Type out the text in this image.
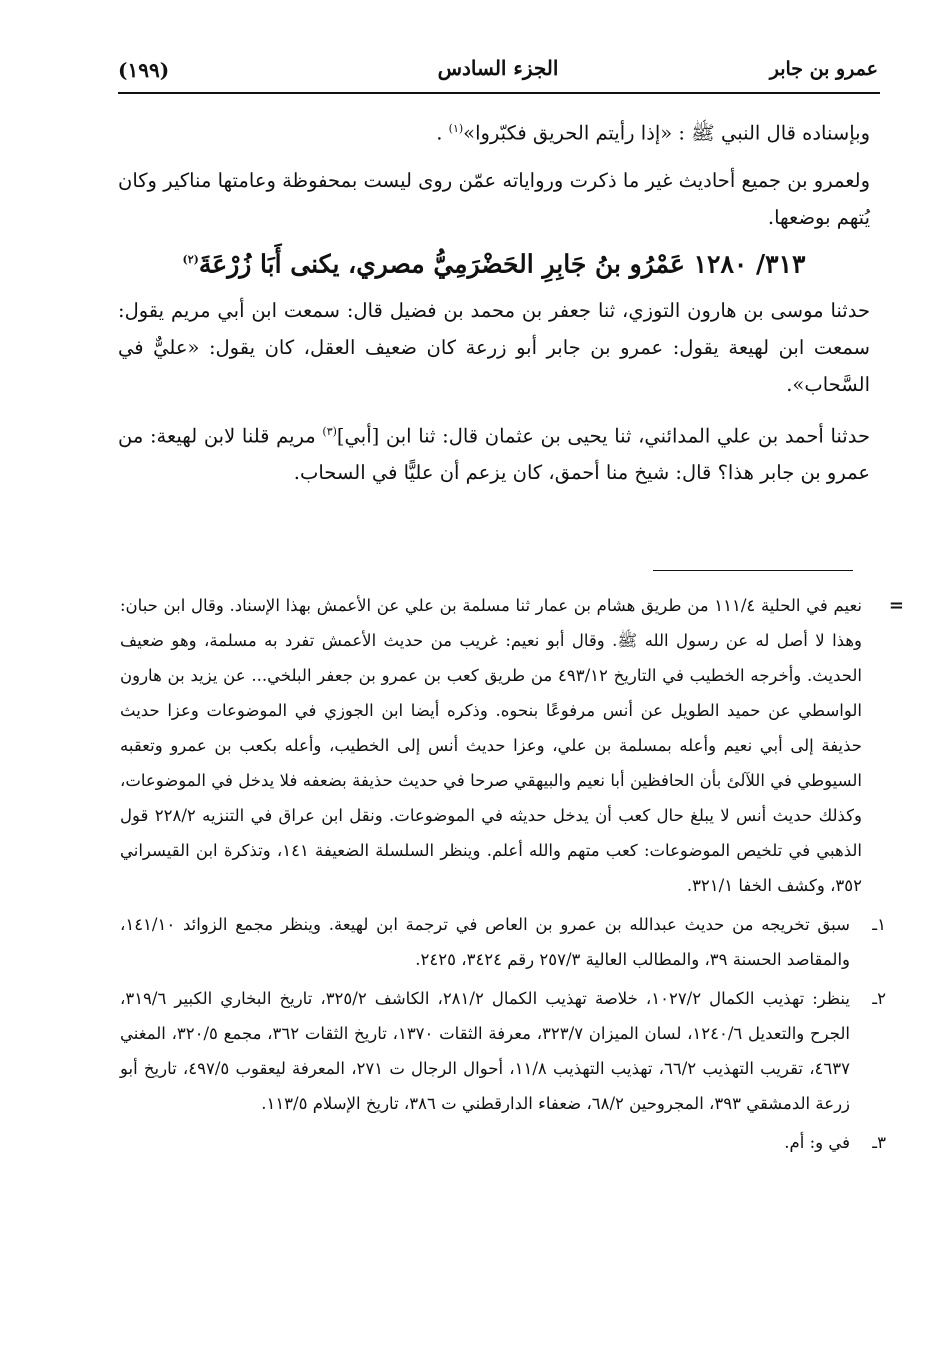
عمرو بن جابر
الجزء السادس
(١٩٩)

وبإسناده قال النبي ﷺ : «إذا رأيتم الحريق فكبّروا»$^{(١)}$ .

ولعمرو بن جميع أحاديث غير ما ذكرت ورواياته عمّن روى ليست بمحفوظة وعامتها مناكير وكان يُتهم بوضعها.

٣١٣/ ١٢٨٠ عَمْرُو بنُ جَابِرِ الحَضْرَمِيُّ مصري، يكنى أَبَا زُرْعَةَ$^{(٢)}$

حدثنا موسى بن هارون التوزي، ثنا جعفر بن محمد بن فضيل قال: سمعت ابن أبي مريم يقول: سمعت ابن لهيعة يقول: عمرو بن جابر أبو زرعة كان ضعيف العقل، كان يقول: «عليٌّ في السَّحاب».

حدثنا أحمد بن علي المدائني، ثنا يحيى بن عثمان قال: ثنا ابن [أبي]$^{(٣)}$ مريم قلنا لابن لهيعة: من عمرو بن جابر هذا؟ قال: شيخ منا أحمق، كان يزعم أن عليًّا في السحاب.

=
نعيم في الحلية ١١١/٤ من طريق هشام بن عمار ثنا مسلمة بن علي عن الأعمش بهذا الإسناد. وقال ابن حبان: وهذا لا أصل له عن رسول الله ﷺ. وقال أبو نعيم: غريب من حديث الأعمش تفرد به مسلمة، وهو ضعيف الحديث. وأخرجه الخطيب في التاريخ ٤٩٣/١٢ من طريق كعب بن عمرو بن جعفر البلخي... عن يزيد بن هارون الواسطي عن حميد الطويل عن أنس مرفوعًا بنحوه. وذكره أيضا ابن الجوزي في الموضوعات وعزا حديث حذيفة إلى أبي نعيم وأعله بمسلمة بن علي، وعزا حديث أنس إلى الخطيب، وأعله بكعب بن عمرو وتعقبه السيوطي في اللآلئ بأن الحافظين أبا نعيم والبيهقي صرحا في حديث حذيفة بضعفه فلا يدخل في الموضوعات، وكذلك حديث أنس لا يبلغ حال كعب أن يدخل حديثه في الموضوعات. ونقل ابن عراق في التنزيه ٢٢٨/٢ قول الذهبي في تلخيص الموضوعات: كعب متهم والله أعلم. وينظر السلسلة الضعيفة ١٤١، وتذكرة ابن القيسراني ٣٥٢، وكشف الخفا ٣٢١/١.
١ـ
سبق تخريجه من حديث عبدالله بن عمرو بن العاص في ترجمة ابن لهيعة. وينظر مجمع الزوائد ١٤١/١٠، والمقاصد الحسنة ٣٩، والمطالب العالية ٢٥٧/٣ رقم ٣٤٢٤، ٢٤٢٥.
٢ـ
ينظر: تهذيب الكمال ١٠٢٧/٢، خلاصة تهذيب الكمال ٢٨١/٢، الكاشف ٣٢٥/٢، تاريخ البخاري الكبير ٣١٩/٦، الجرح والتعديل ١٢٤٠/٦، لسان الميزان ٣٢٣/٧، معرفة الثقات ١٣٧٠، تاريخ الثقات ٣٦٢، مجمع ٣٢٠/٥، المغني ٤٦٣٧، تقريب التهذيب ٦٦/٢، تهذيب التهذيب ١١/٨، أحوال الرجال ت ٢٧١، المعرفة ليعقوب ٤٩٧/٥، تاريخ أبو زرعة الدمشقي ٣٩٣، المجروحين ٦٨/٢، ضعفاء الدارقطني ت ٣٨٦، تاريخ الإسلام ١١٣/٥.
٣ـ
في و: أم.
